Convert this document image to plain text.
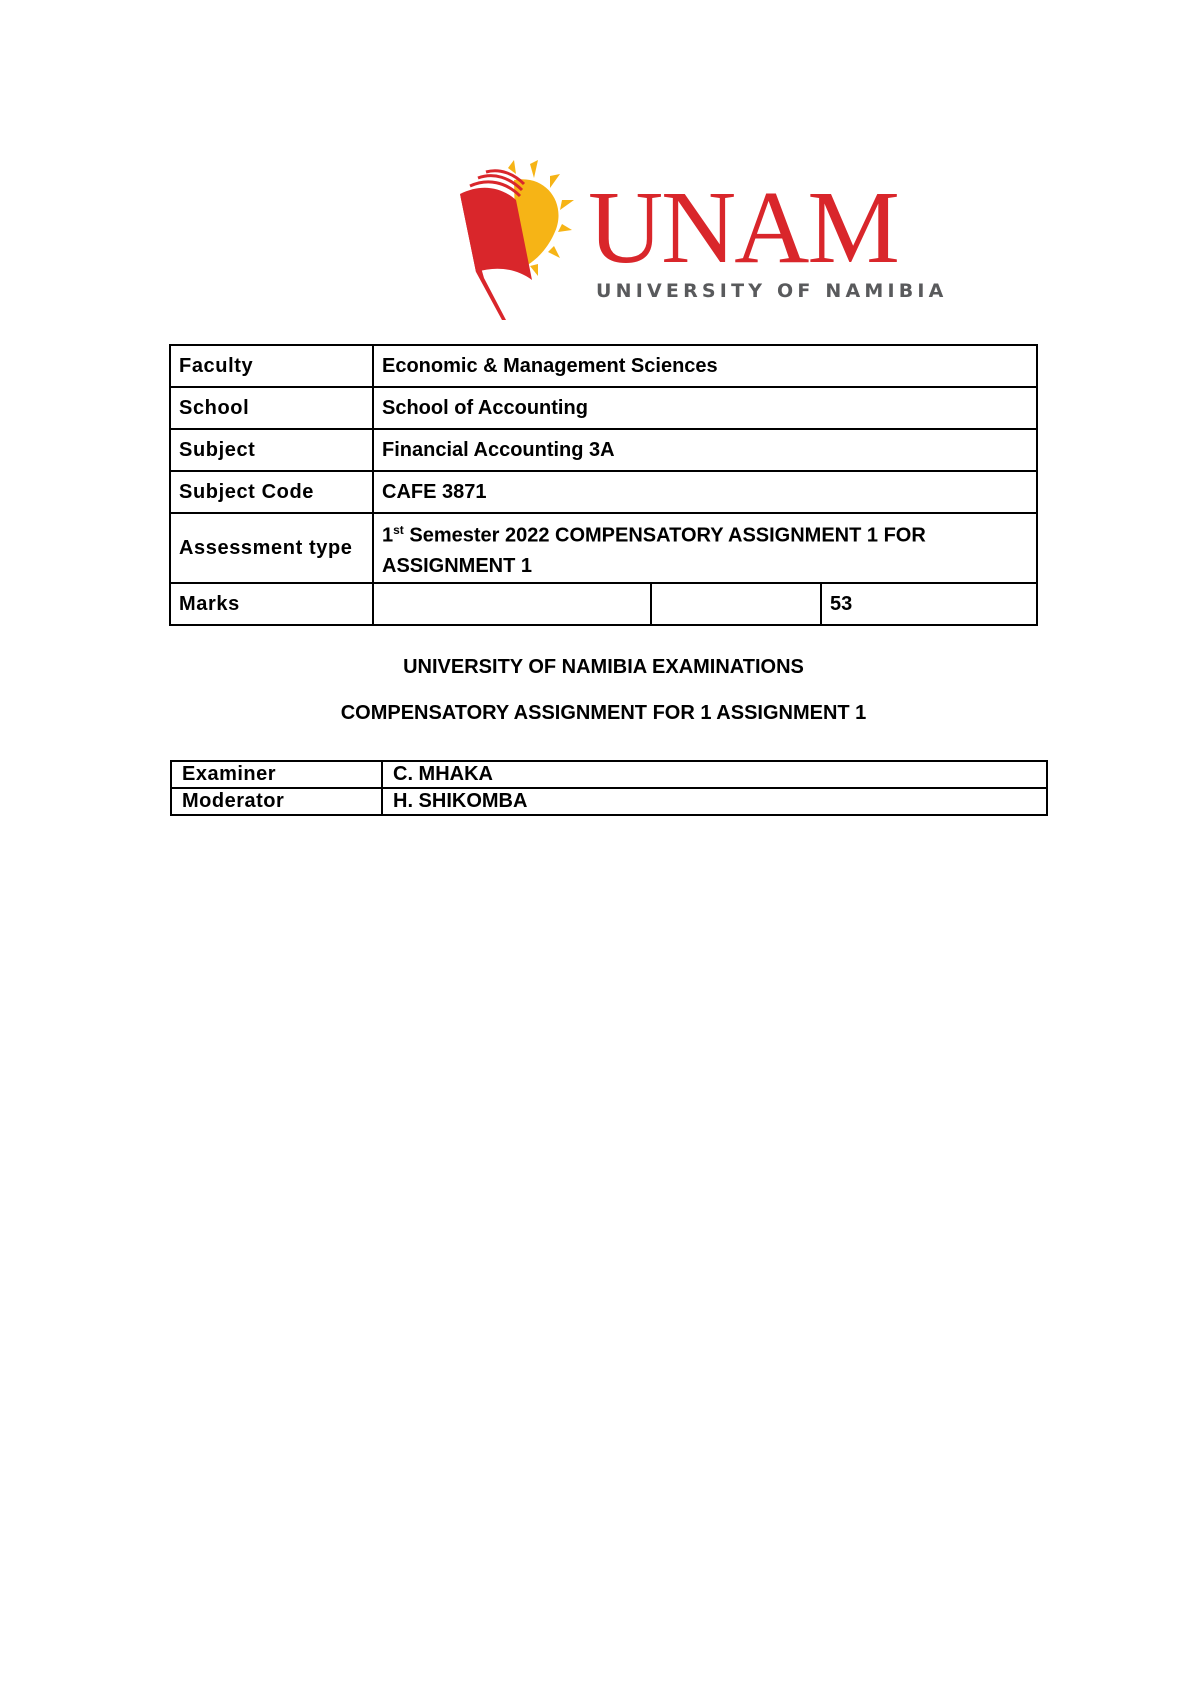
UNAM
UNIVERSITY OF NAMIBIA
Faculty	Economic & Management Sciences		
School	School of Accounting		
Subject	Financial Accounting 3A		
Subject Code	CAFE 3871		
Assessment type	1st Semester 2022 COMPENSATORY ASSIGNMENT 1 FOR ASSIGNMENT 1		

Marks			53

UNIVERSITY OF NAMIBIA EXAMINATIONS

COMPENSATORY ASSIGNMENT FOR 1 ASSIGNMENT 1

Examiner	C. MHAKA
Moderator	H. SHIKOMBA
